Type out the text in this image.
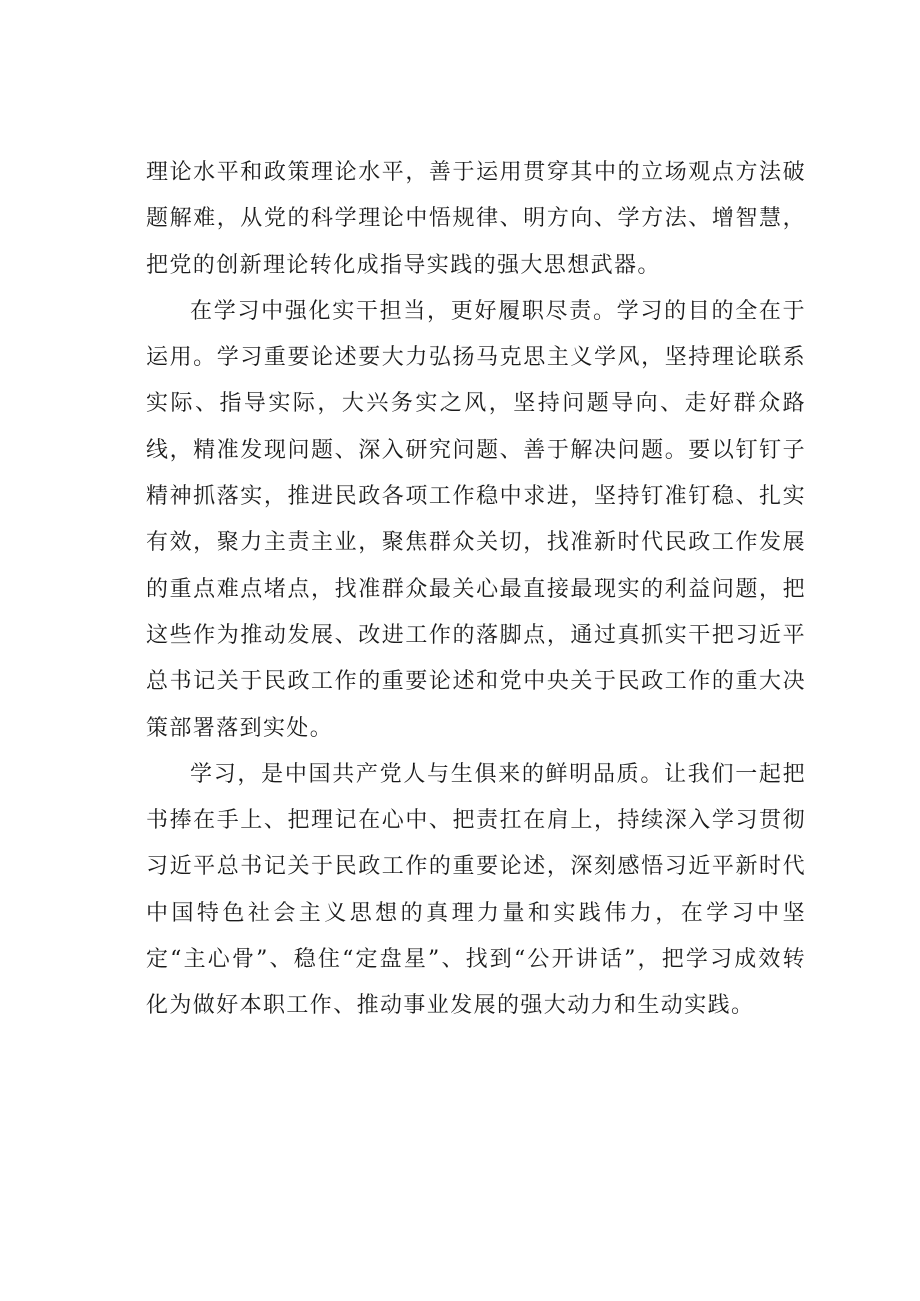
理论水平和政策理论水平，善于运用贯穿其中的立场观点方法破题解难，从党的科学理论中悟规律、明方向、学方法、增智慧，把党的创新理论转化成指导实践的强大思想武器。

在学习中强化实干担当，更好履职尽责。学习的目的全在于运用。学习重要论述要大力弘扬马克思主义学风，坚持理论联系实际、指导实际，大兴务实之风，坚持问题导向、走好群众路线，精准发现问题、深入研究问题、善于解决问题。要以钉钉子精神抓落实，推进民政各项工作稳中求进，坚持钉准钉稳、扎实有效，聚力主责主业，聚焦群众关切，找准新时代民政工作发展的重点难点堵点，找准群众最关心最直接最现实的利益问题，把这些作为推动发展、改进工作的落脚点，通过真抓实干把习近平总书记关于民政工作的重要论述和党中央关于民政工作的重大决策部署落到实处。

学习，是中国共产党人与生俱来的鲜明品质。让我们一起把书捧在手上、把理记在心中、把责扛在肩上，持续深入学习贯彻习近平总书记关于民政工作的重要论述，深刻感悟习近平新时代中国特色社会主义思想的真理力量和实践伟力，在学习中坚定“主心骨”、稳住“定盘星”、找到“公开讲话”，把学习成效转化为做好本职工作、推动事业发展的强大动力和生动实践。
